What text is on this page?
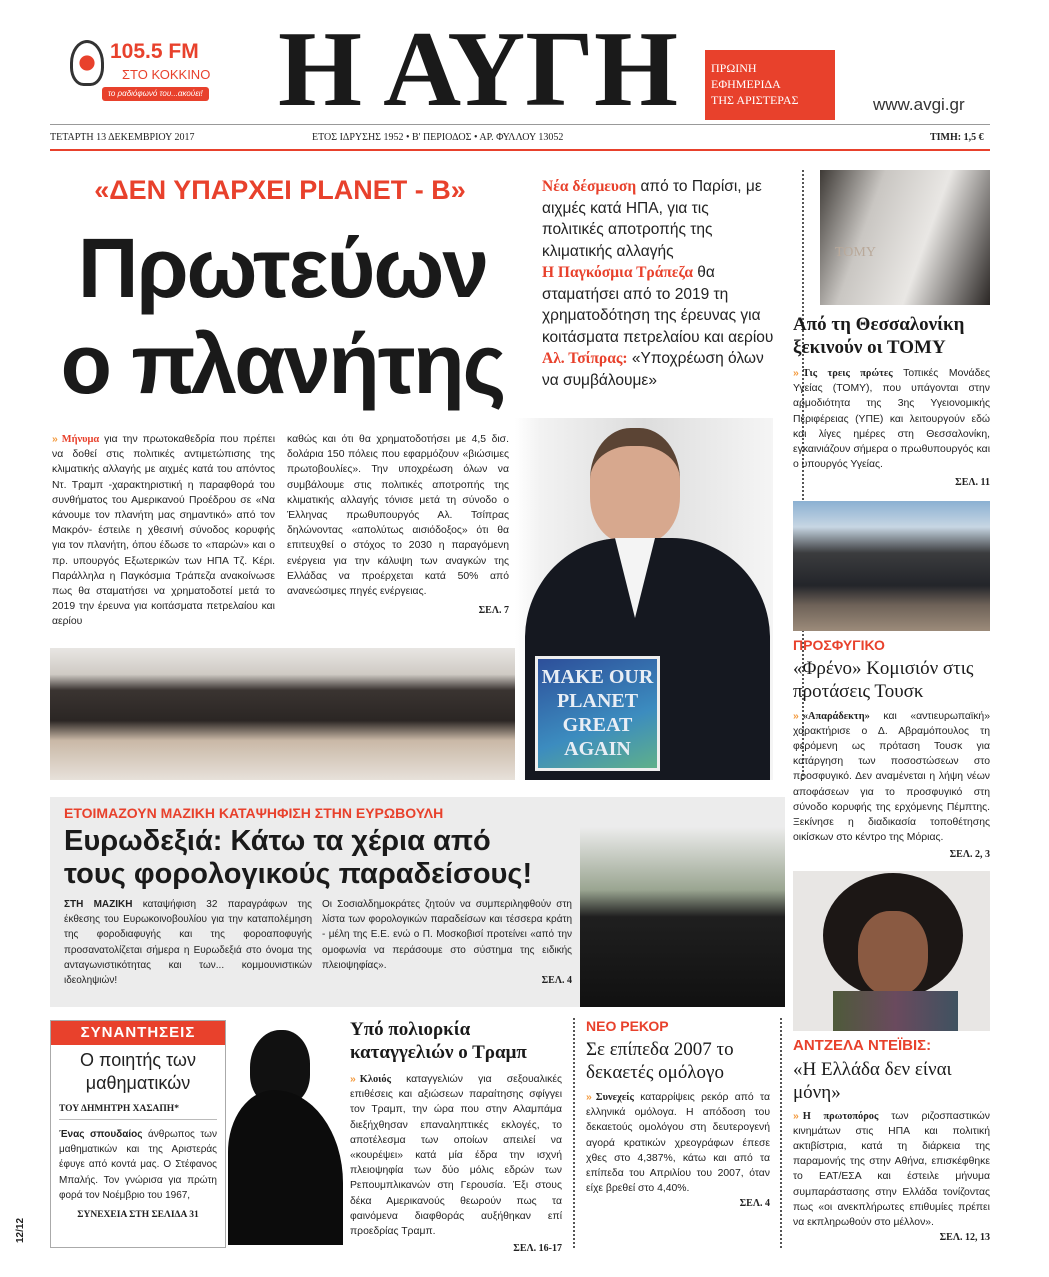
105.5 FM
ΣΤΟ ΚΟΚΚΙΝΟ
το ραδιόφωνό του...ακούει! Η ΑΥΓΗ	ΠΡΩΙΝΗ
ΕΦΗΜΕΡΙΔΑ
ΤΗΣ ΑΡΙΣΤΕΡΑΣ	www.avgi.gr
ΤΕΤΑΡΤΗ 13 ΔΕΚΕΜΒΡΙΟΥ 2017	ΕΤΟΣ ΙΔΡΥΣΗΣ 1952 • Β' ΠΕΡΙΟΔΟΣ • ΑΡ. ΦΥΛΛΟΥ 13052	ΤΙΜΗ: 1,5 €
«ΔΕΝ ΥΠΑΡΧΕΙ PLANET - B»
Πρωτεύων
ο πλανήτης
Νέα δέσμευση από το Παρίσι, με αιχμές κατά ΗΠΑ, για τις πολιτικές αποτροπής της κλιματικής αλλαγής
Η Παγκόσμια Τράπεζα θα σταματήσει από το 2019 τη χρηματοδότηση της έρευνας για κοιτάσματα πετρελαίου και αερίου
Αλ. Τσίπρας: «Υποχρέωση όλων να συμβάλουμε»
» Μήνυμα για την πρωτοκαθεδρία που πρέπει να δοθεί στις πολιτικές αντιμετώπισης της κλιματικής αλλαγής με αιχμές κατά του απόντος Ντ. Τραμπ -χαρακτηριστική η παραφθορά του συνθήματος του Αμερικανού Προέδρου σε «Να κάνουμε τον πλανήτη μας σημαντικό» από τον Μακρόν- έστειλε η χθεσινή σύνοδος κορυφής για τον πλανήτη, όπου έδωσε το «παρών» και ο πρ. υπουργός Εξωτερικών των ΗΠΑ Τζ. Κέρι. Παράλληλα η Παγκόσμια Τράπεζα ανακοίνωσε πως θα σταματήσει να χρηματοδοτεί μετά το 2019 την έρευνα για κοιτάσματα πετρελαίου και αερίου
καθώς και ότι θα χρηματοδοτήσει με 4,5 δισ. δολάρια 150 πόλεις που εφαρμόζουν «βιώσιμες πρωτοβουλίες». Την υποχρέωση όλων να συμβάλουμε στις πολιτικές αποτροπής της κλιματικής αλλαγής τόνισε μετά τη σύνοδο ο Έλληνας πρωθυπουργός Αλ. Τσίπρας δηλώνοντας «απολύτως αισιόδοξος» ότι θα επιτευχθεί ο στόχος το 2030 η παραγόμενη ενέργεια για την κάλυψη των αναγκών της Ελλάδας να προέρχεται κατά 50% από ανανεώσιμες πηγές ενέργειας.
ΣΕΛ. 7
MAKE OUR
PLANET
GREAT
AGAIN
ΕΤΟΙΜΑΖΟΥΝ ΜΑΖΙΚΗ ΚΑΤΑΨΗΦΙΣΗ ΣΤΗΝ ΕΥΡΩΒΟΥΛΗ
Ευρωδεξιά: Κάτω τα χέρια από
τους φορολογικούς παραδείσους!
ΣΤΗ ΜΑΖΙΚΗ καταψήφιση 32 παραγράφων της έκθεσης του Ευρωκοινοβουλίου για την καταπολέμηση της φοροδιαφυγής και της φοροαποφυγής προσανατολίζεται σήμερα η Ευρωδεξιά στο όνομα της ανταγωνιστικότητας και των... κομμουνιστικών ιδεοληψιών!
Οι Σοσιαλδημοκράτες ζητούν να συμπεριληφθούν στη λίστα των φορολογικών παραδείσων και τέσσερα κράτη - μέλη της Ε.Ε. ενώ ο Π. Μοσκοβισί προτείνει «από την ομοφωνία να περάσουμε στο σύστημα της ειδικής πλειοψηφίας».
ΣΕΛ. 4
TOMY
Από τη Θεσσαλονίκη ξεκινούν οι ΤΟΜΥ
» Τις τρεις πρώτες Τοπικές Μονάδες Υγείας (ΤΟΜΥ), που υπάγονται στην αρμοδιότητα της 3ης Υγειονομικής Περιφέρειας (ΥΠΕ) και λειτουργούν εδώ και λίγες ημέρες στη Θεσσαλονίκη, εγκαινιάζουν σήμερα ο πρωθυπουργός και ο υπουργός Υγείας.
ΣΕΛ. 11
ΠΡΟΣΦΥΓΙΚΟ
«Φρένο» Κομισιόν στις προτάσεις Τουσκ
» «Απαράδεκτη» και «αντιευρωπαϊκή» χαρακτήρισε ο Δ. Αβραμόπουλος τη φερόμενη ως πρόταση Τουσκ για κατάργηση των ποσοστώσεων στο προσφυγικό. Δεν αναμένεται η λήψη νέων αποφάσεων για το προσφυγικό στη σύνοδο κορυφής της ερχόμενης Πέμπτης. Ξεκίνησε η διαδικασία τοποθέτησης οικίσκων στο κέντρο της Μόριας.
ΣΕΛ. 2, 3
ΑΝΤΖΕΛΑ ΝΤΕΪΒΙΣ:
«Η Ελλάδα δεν είναι μόνη»
» Η πρωτοπόρος των ριζοσπαστικών κινημάτων στις ΗΠΑ και πολιτική ακτιβίστρια, κατά τη διάρκεια της παραμονής της στην Αθήνα, επισκέφθηκε το ΕΑΤ/ΕΣΑ και έστειλε μήνυμα συμπαράστασης στην Ελλάδα τονίζοντας πως «οι ανεκπλήρωτες επιθυμίες πρέπει να εκπληρωθούν στο μέλλον».
ΣΕΛ. 12, 13
ΣΥΝΑΝΤΗΣΕΙΣ
Ο ποιητής των μαθηματικών
ΤΟΥ ΔΗΜΗΤΡΗ ΧΑΣΑΠΗ*
Ένας σπουδαίος άνθρωπος των μαθηματικών και της Αριστεράς έφυγε από κοντά μας. Ο Στέφανος Μπαλής. Τον γνώρισα για πρώτη φορά τον Νοέμβριο του 1967,
ΣΥΝΕΧΕΙΑ ΣΤΗ ΣΕΛΙΔΑ 31
Υπό πολιορκία καταγγελιών ο Τραμπ
» Κλοιός καταγγελιών για σεξουαλικές επιθέσεις και αξιώσεων παραίτησης σφίγγει τον Τραμπ, την ώρα που στην Αλαμπάμα διεξήχθησαν επαναληπτικές εκλογές, το αποτέλεσμα των οποίων απειλεί να «κουρέψει» κατά μία έδρα την ισχνή πλειοψηφία των δύο μόλις εδρών των Ρεπουμπλικανών στη Γερουσία. Έξι στους δέκα Αμερικανούς θεωρούν πως τα φαινόμενα διαφθοράς αυξήθηκαν επί προεδρίας Τραμπ.
ΣΕΛ. 16-17
ΝΕΟ ΡΕΚΟΡ
Σε επίπεδα 2007 το δεκαετές ομόλογο
» Συνεχείς καταρρίψεις ρεκόρ από τα ελληνικά ομόλογα. Η απόδοση του δεκαετούς ομολόγου στη δευτερογενή αγορά κρατικών χρεογράφων έπεσε χθες στο 4,387%, κάτω και από τα επίπεδα του Απριλίου του 2007, όταν είχε βρεθεί στο 4,40%.
ΣΕΛ. 4
12/12
